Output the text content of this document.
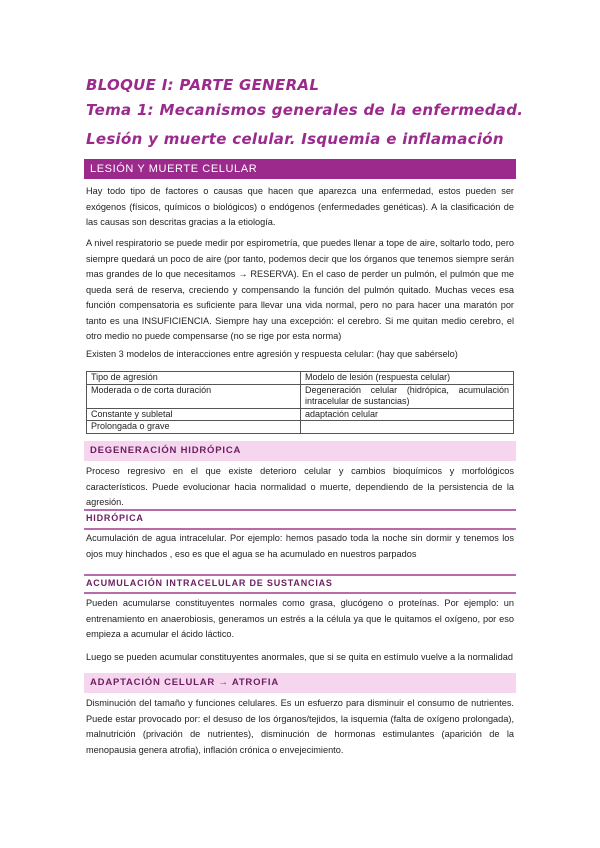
BLOQUE I: PARTE GENERAL
Tema 1: Mecanismos generales de la enfermedad.
Lesión y muerte celular. Isquemia e inflamación
LESIÓN Y MUERTE CELULAR

Hay todo tipo de factores o causas que hacen que aparezca una enfermedad, estos pueden ser exógenos (físicos, químicos o biológicos) o endógenos (enfermedades genéticas). A la clasificación de las causas son descritas gracias a la etiología.

A nivel respiratorio se puede medir por espirometría, que puedes llenar a tope de aire, soltarlo todo, pero siempre quedará un poco de aire (por tanto, podemos decir que los órganos que tenemos siempre serán mas grandes de lo que necesitamos → RESERVA). En el caso de perder un pulmón, el pulmón que me queda será de reserva, creciendo y compensando la función del pulmón quitado. Muchas veces esa función compensatoria es suficiente para llevar una vida normal, pero no para hacer una maratón por tanto es una INSUFICIENCIA. Siempre hay una excepción: el cerebro. Si me quitan medio cerebro, el otro medio no puede compensarse (no se rige por esta norma)

Existen 3 modelos de interacciones entre agresión y respuesta celular: (hay que sabérselo)

Tipo de agresión	Modelo de lesión (respuesta celular)
Moderada o de corta duración	Degeneración celular (hidrópica, acumulación intracelular de sustancias)
Constante y subletal	adaptación celular
Prolongada o grave	
DEGENERACIÓN HIDRÓPICA

Proceso regresivo en el que existe deterioro celular y cambios bioquímicos y morfológicos característicos. Puede evolucionar hacia normalidad o muerte, dependiendo de la persistencia de la agresión.

HIDRÓPICA

Acumulación de agua intracelular. Por ejemplo: hemos pasado toda la noche sin dormir y tenemos los ojos muy hinchados , eso es que el agua se ha acumulado en nuestros parpados

ACUMULACIÓN INTRACELULAR DE SUSTANCIAS

Pueden acumularse constituyentes normales como grasa, glucógeno o proteínas. Por ejemplo: un entrenamiento en anaerobiosis, generamos un estrés a la célula ya que le quitamos el oxígeno, por eso empieza a acumular el ácido láctico.

Luego se pueden acumular constituyentes anormales, que si se quita en estímulo vuelve a la normalidad

ADAPTACIÓN CELULAR → ATROFIA

Disminución del tamaño y funciones celulares. Es un esfuerzo para disminuir el consumo de nutrientes. Puede estar provocado por: el desuso de los órganos/tejidos, la isquemia (falta de oxígeno prolongada), malnutrición (privación de nutrientes), disminución de hormonas estimulantes (aparición de la menopausia genera atrofia), inflación crónica o envejecimiento.
